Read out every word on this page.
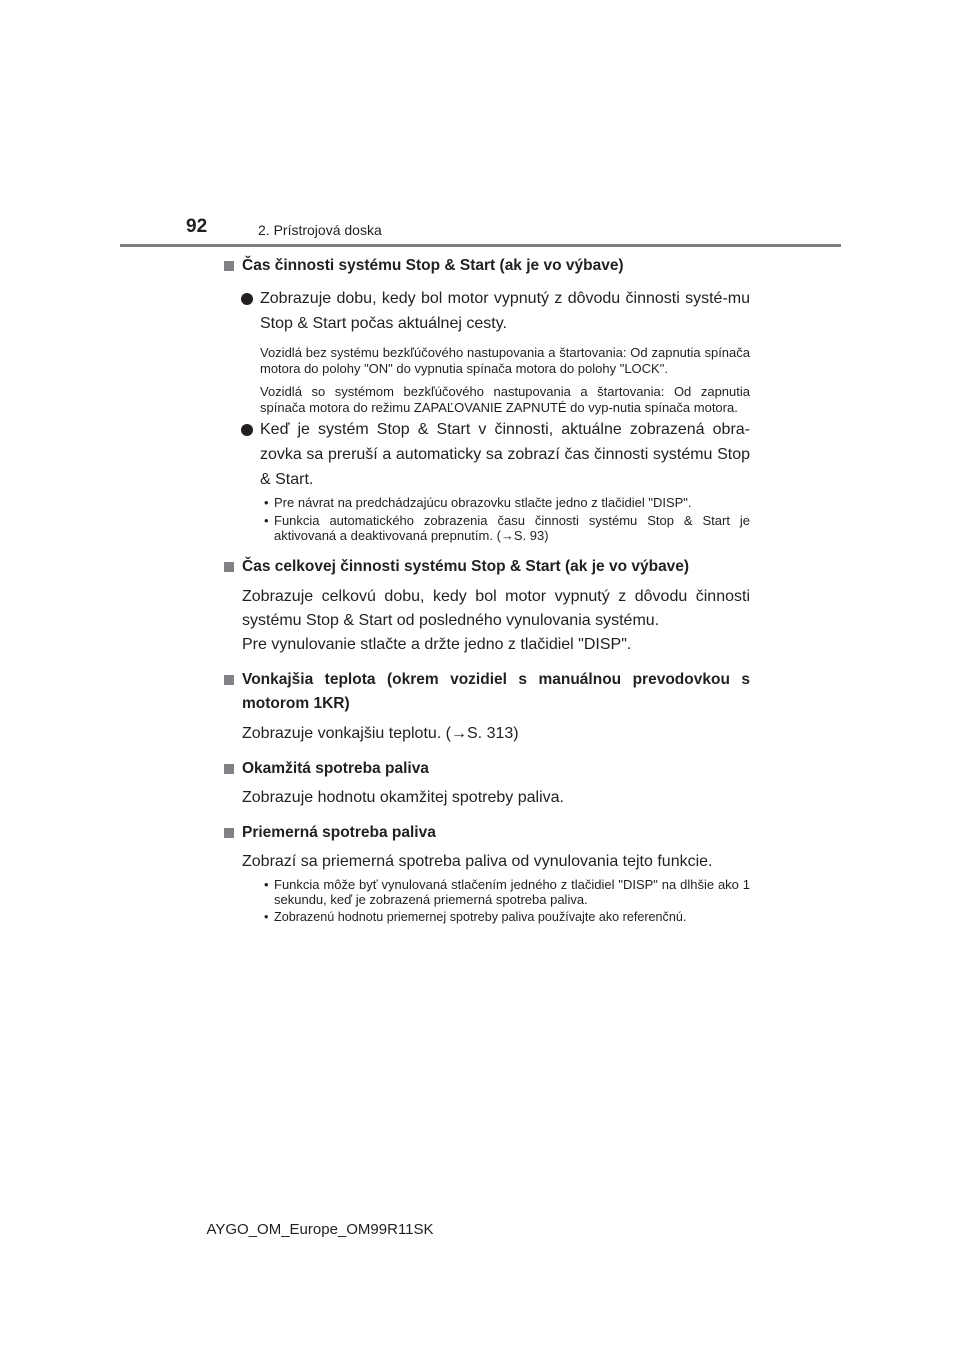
92	2. Prístrojová doska
Čas činnosti systému Stop & Start (ak je vo výbave)
Zobrazuje dobu, kedy bol motor vypnutý z dôvodu činnosti systé-mu Stop & Start počas aktuálnej cesty.
Vozidlá bez systému bezkľúčového nastupovania a štartovania: Od zapnutia spínača motora do polohy "ON" do vypnutia spínača motora do polohy "LOCK".
Vozidlá so systémom bezkľúčového nastupovania a štartovania: Od zapnutia spínača motora do režimu ZAPAĽOVANIE ZAPNUTÉ do vyp-nutia spínača motora.
Keď je systém Stop & Start v činnosti, aktuálne zobrazená obra-zovka sa preruší a automaticky sa zobrazí čas činnosti systému Stop & Start.
• Pre návrat na predchádzajúcu obrazovku stlačte jedno z tlačidiel "DISP".
• Funkcia automatického zobrazenia času činnosti systému Stop & Start je aktivovaná a deaktivovaná prepnutím. (→S. 93)
Čas celkovej činnosti systému Stop & Start (ak je vo výbave)
Zobrazuje celkovú dobu, kedy bol motor vypnutý z dôvodu činnosti systému Stop & Start od posledného vynulovania systému.
Pre vynulovanie stlačte a držte jedno z tlačidiel "DISP".
Vonkajšia teplota (okrem vozidiel s manuálnou prevodovkou s motorom 1KR)
Zobrazuje vonkajšiu teplotu. (→S. 313)
Okamžitá spotreba paliva
Zobrazuje hodnotu okamžitej spotreby paliva.
Priemerná spotreba paliva
Zobrazí sa priemerná spotreba paliva od vynulovania tejto funkcie.
• Funkcia môže byť vynulovaná stlačením jedného z tlačidiel "DISP" na dlhšie ako 1 sekundu, keď je zobrazená priemerná spotreba paliva.
• Zobrazenú hodnotu priemernej spotreby paliva používajte ako referenčnú.
AYGO_OM_Europe_OM99R11SK
